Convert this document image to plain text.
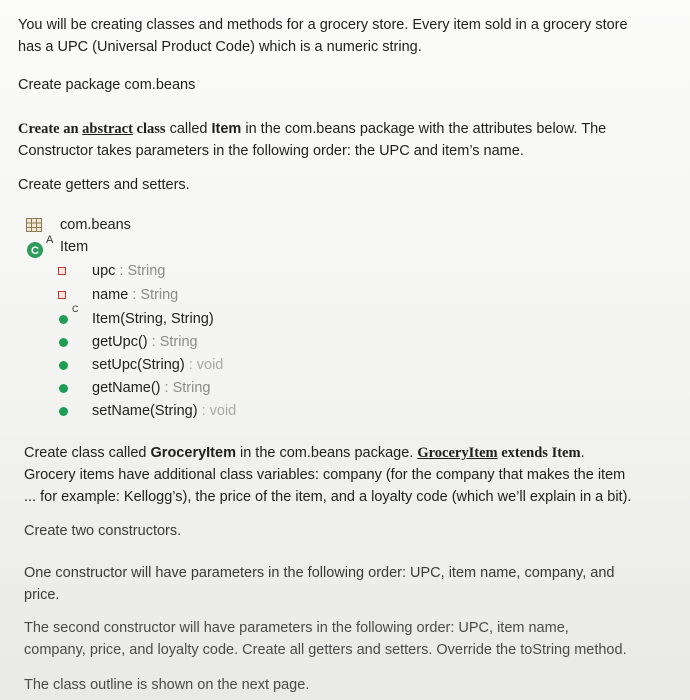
You will be creating classes and methods for a grocery store. Every item sold in a grocery store
has a UPC (Universal Product Code) which is a numeric string.
Create package com.beans
Create an abstract class called Item in the com.beans package with the attributes below. The
Constructor takes parameters in the following order: the UPC and item’s name.
Create getters and setters.
com.beans
C
A Item
upc : String
name : String
C
Item(String, String)
getUpc() : String
setUpc(String) : void
getName() : String
setName(String) : void
Create class called GroceryItem in the com.beans package. GroceryItem extends Item.
Grocery items have additional class variables: company (for the company that makes the item
... for example: Kellogg’s), the price of the item, and a loyalty code (which we’ll explain in a bit).
Create two constructors.
One constructor will have parameters in the following order: UPC, item name, company, and
price.
The second constructor will have parameters in the following order: UPC, item name,
company, price, and loyalty code. Create all getters and setters. Override the toString method.
The class outline is shown on the next page.
